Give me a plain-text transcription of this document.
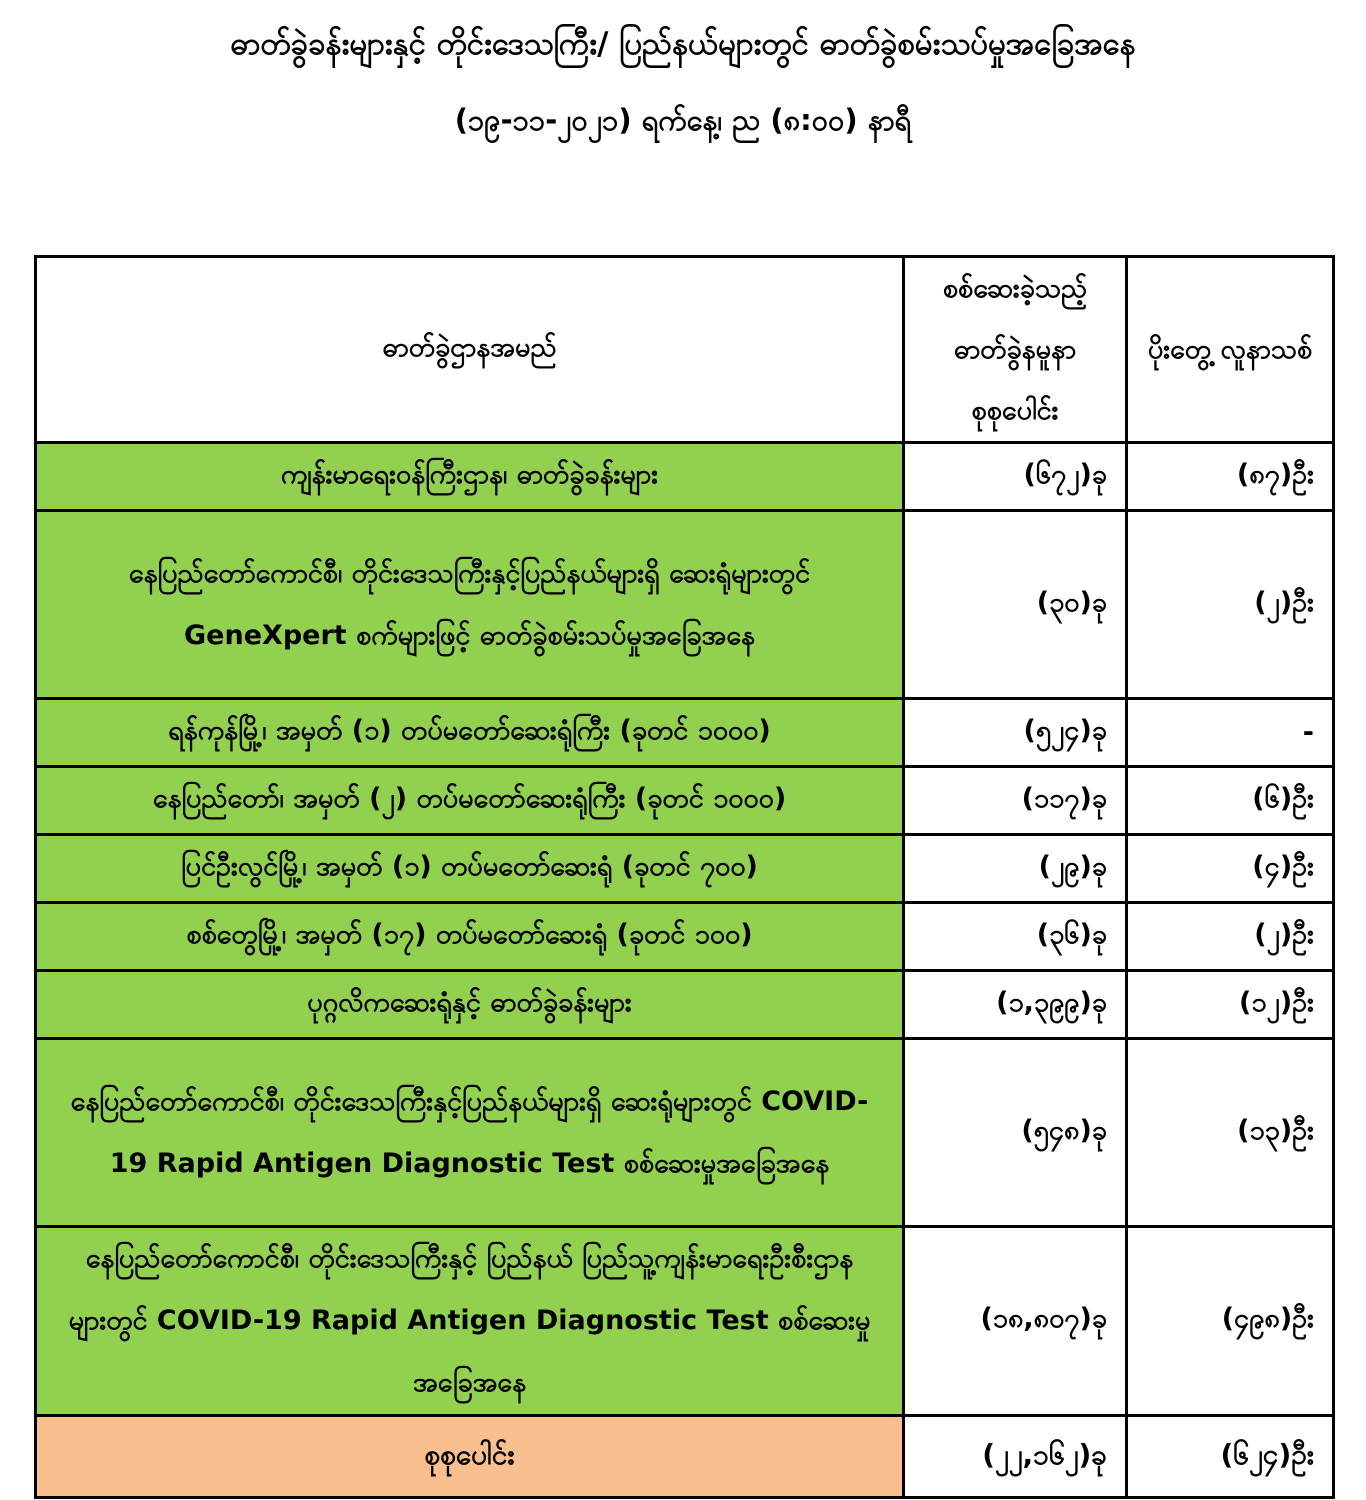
ဓာတ်ခွဲခန်းများနှင့် တိုင်းဒေသကြီး/ ပြည်နယ်များတွင် ဓာတ်ခွဲစမ်းသပ်မှုအခြေအနေ
(၁၉-၁၁-၂၀၂၁) ရက်နေ့၊ ည (၈:၀၀) နာရီ
ဓာတ်ခွဲဌာနအမည်	စစ်ဆေးခဲ့သည့် ဓာတ်ခွဲနမူနာ စုစုပေါင်း	ပိုးတွေ့ လူနာသစ်
ကျန်းမာရေးဝန်ကြီးဌာန၊ ဓာတ်ခွဲခန်းများ	(၆၇၂)ခု	(၈၇)ဦး
နေပြည်တော်ကောင်စီ၊ တိုင်းဒေသကြီးနှင့်ပြည်နယ်များရှိ ဆေးရုံများတွင် GeneXpert စက်များဖြင့် ဓာတ်ခွဲစမ်းသပ်မှုအခြေအနေ	(၃၀)ခု	(၂)ဦး
ရန်ကုန်မြို့၊ အမှတ် (၁) တပ်မတော်ဆေးရုံကြီး (ခုတင် ၁၀၀၀)	(၅၂၄)ခု	-
နေပြည်တော်၊ အမှတ် (၂) တပ်မတော်ဆေးရုံကြီး (ခုတင် ၁၀၀၀)	(၁၁၇)ခု	(၆)ဦး
ပြင်ဦးလွင်မြို့၊ အမှတ် (၁) တပ်မတော်ဆေးရုံ (ခုတင် ၇၀၀)	(၂၉)ခု	(၄)ဦး
စစ်တွေမြို့၊ အမှတ် (၁၇) တပ်မတော်ဆေးရုံ (ခုတင် ၁၀၀)	(၃၆)ခု	(၂)ဦး
ပုဂ္ဂလိကဆေးရုံနှင့် ဓာတ်ခွဲခန်းများ	(၁,၃၉၉)ခု	(၁၂)ဦး
နေပြည်တော်ကောင်စီ၊ တိုင်းဒေသကြီးနှင့်ပြည်နယ်များရှိ ဆေးရုံများတွင် COVID-19 Rapid Antigen Diagnostic Test စစ်ဆေးမှုအခြေအနေ	(၅၄၈)ခု	(၁၃)ဦး
နေပြည်တော်ကောင်စီ၊ တိုင်းဒေသကြီးနှင့် ပြည်နယ် ပြည်သူ့ကျန်းမာရေးဦးစီးဌာနများတွင် COVID-19 Rapid Antigen Diagnostic Test စစ်ဆေးမှုအခြေအနေ	(၁၈,၈၀၇)ခု	(၄၉၈)ဦး
စုစုပေါင်း	(၂၂,၁၆၂)ခု	(၆၂၄)ဦး
